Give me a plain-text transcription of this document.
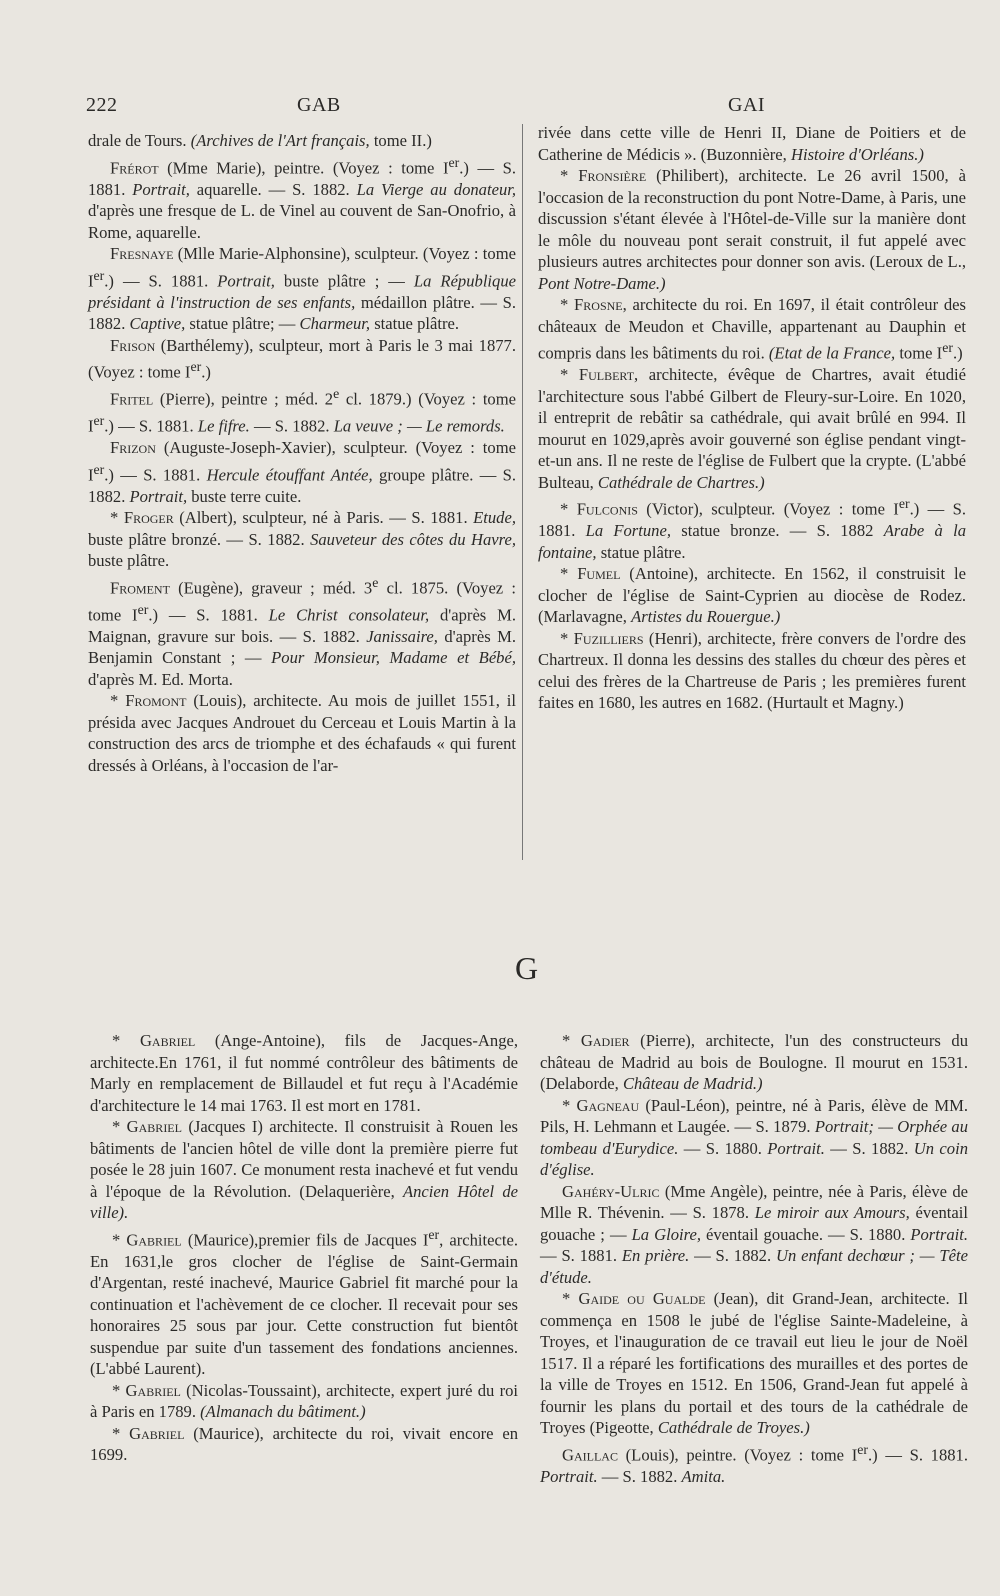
222	GAB	GAI

drale de Tours. (Archives de l'Art français, tome II.)

Frérot (Mme Marie), peintre. (Voyez : tome Ier.) — S. 1881. Portrait, aquarelle. — S. 1882. La Vierge au donateur, d'après une fresque de L. de Vinel au couvent de San-Onofrio, à Rome, aquarelle.

Fresnaye (Mlle Marie-Alphonsine), sculpteur. (Voyez : tome Ier.) — S. 1881. Portrait, buste plâtre ; — La République présidant à l'instruction de ses enfants, médaillon plâtre. — S. 1882. Captive, statue plâtre; — Charmeur, statue plâtre.

Frison (Barthélemy), sculpteur, mort à Paris le 3 mai 1877. (Voyez : tome Ier.)

Fritel (Pierre), peintre ; méd. 2e cl. 1879.) (Voyez : tome Ier.) — S. 1881. Le fifre. — S. 1882. La veuve ; — Le remords.

Frizon (Auguste-Joseph-Xavier), sculpteur. (Voyez : tome Ier.) — S. 1881. Hercule étouffant Antée, groupe plâtre. — S. 1882. Portrait, buste terre cuite.

* Froger (Albert), sculpteur, né à Paris. — S. 1881. Etude, buste plâtre bronzé. — S. 1882. Sauveteur des côtes du Havre, buste plâtre.

Froment (Eugène), graveur ; méd. 3e cl. 1875. (Voyez : tome Ier.) — S. 1881. Le Christ consolateur, d'après M. Maignan, gravure sur bois. — S. 1882. Janissaire, d'après M. Benjamin Constant ; — Pour Monsieur, Madame et Bébé, d'après M. Ed. Morta.

* Fromont (Louis), architecte. Au mois de juillet 1551, il présida avec Jacques Androuet du Cerceau et Louis Martin à la construction des arcs de triomphe et des échafauds « qui furent dressés à Orléans, à l'occasion de l'ar-

rivée dans cette ville de Henri II, Diane de Poitiers et de Catherine de Médicis ». (Buzonnière, Histoire d'Orléans.)

* Fronsière (Philibert), architecte. Le 26 avril 1500, à l'occasion de la reconstruction du pont Notre-Dame, à Paris, une discussion s'étant élevée à l'Hôtel-de-Ville sur la manière dont le môle du nouveau pont serait construit, il fut appelé avec plusieurs autres architectes pour donner son avis. (Leroux de L., Pont Notre-Dame.)

* Frosne, architecte du roi. En 1697, il était contrôleur des châteaux de Meudon et Chaville, appartenant au Dauphin et compris dans les bâtiments du roi. (Etat de la France, tome Ier.)

* Fulbert, architecte, évêque de Chartres, avait étudié l'architecture sous l'abbé Gilbert de Fleury-sur-Loire. En 1020, il entreprit de rebâtir sa cathédrale, qui avait brûlé en 994. Il mourut en 1029,après avoir gouverné son église pendant vingt-et-un ans. Il ne reste de l'église de Fulbert que la crypte. (L'abbé Bulteau, Cathédrale de Chartres.)

* Fulconis (Victor), sculpteur. (Voyez : tome Ier.) — S. 1881. La Fortune, statue bronze. — S. 1882 Arabe à la fontaine, statue plâtre.

* Fumel (Antoine), architecte. En 1562, il construisit le clocher de l'église de Saint-Cyprien au diocèse de Rodez. (Marlavagne, Artistes du Rouergue.)

* Fuzilliers (Henri), architecte, frère convers de l'ordre des Chartreux. Il donna les dessins des stalles du chœur des pères et celui des frères de la Chartreuse de Paris ; les premières furent faites en 1680, les autres en 1682. (Hurtault et Magny.)

G

* Gabriel (Ange-Antoine), fils de Jacques-Ange, architecte.En 1761, il fut nommé contrôleur des bâtiments de Marly en remplacement de Billaudel et fut reçu à l'Académie d'architecture le 14 mai 1763. Il est mort en 1781.

* Gabriel (Jacques I) architecte. Il construisit à Rouen les bâtiments de l'ancien hôtel de ville dont la première pierre fut posée le 28 juin 1607. Ce monument resta inachevé et fut vendu à l'époque de la Révolution. (Delaquerière, Ancien Hôtel de ville).

* Gabriel (Maurice),premier fils de Jacques Ier, architecte. En 1631,le gros clocher de l'église de Saint-Germain d'Argentan, resté inachevé, Maurice Gabriel fit marché pour la continuation et l'achèvement de ce clocher. Il recevait pour ses honoraires 25 sous par jour. Cette construction fut bientôt suspendue par suite d'un tassement des fondations anciennes. (L'abbé Laurent).

* Gabriel (Nicolas-Toussaint), architecte, expert juré du roi à Paris en 1789. (Almanach du bâtiment.)

* Gabriel (Maurice), architecte du roi, vivait encore en 1699.

* Gadier (Pierre), architecte, l'un des constructeurs du château de Madrid au bois de Boulogne. Il mourut en 1531. (Delaborde, Château de Madrid.)

* Gagneau (Paul-Léon), peintre, né à Paris, élève de MM. Pils, H. Lehmann et Laugée. — S. 1879. Portrait; — Orphée au tombeau d'Eurydice. — S. 1880. Portrait. — S. 1882. Un coin d'église.

Gahéry-Ulric (Mme Angèle), peintre, née à Paris, élève de Mlle R. Thévenin. — S. 1878. Le miroir aux Amours, éventail gouache ; — La Gloire, éventail gouache. — S. 1880. Portrait. — S. 1881. En prière. — S. 1882. Un enfant dechœur ; — Tête d'étude.

* Gaide ou Gualde (Jean), dit Grand-Jean, architecte. Il commença en 1508 le jubé de l'église Sainte-Madeleine, à Troyes, et l'inauguration de ce travail eut lieu le jour de Noël 1517. Il a réparé les fortifications des murailles et des portes de la ville de Troyes en 1512. En 1506, Grand-Jean fut appelé à fournir les plans du portail et des tours de la cathédrale de Troyes (Pigeotte, Cathédrale de Troyes.)

Gaillac (Louis), peintre. (Voyez : tome Ier.) — S. 1881. Portrait. — S. 1882. Amita.
